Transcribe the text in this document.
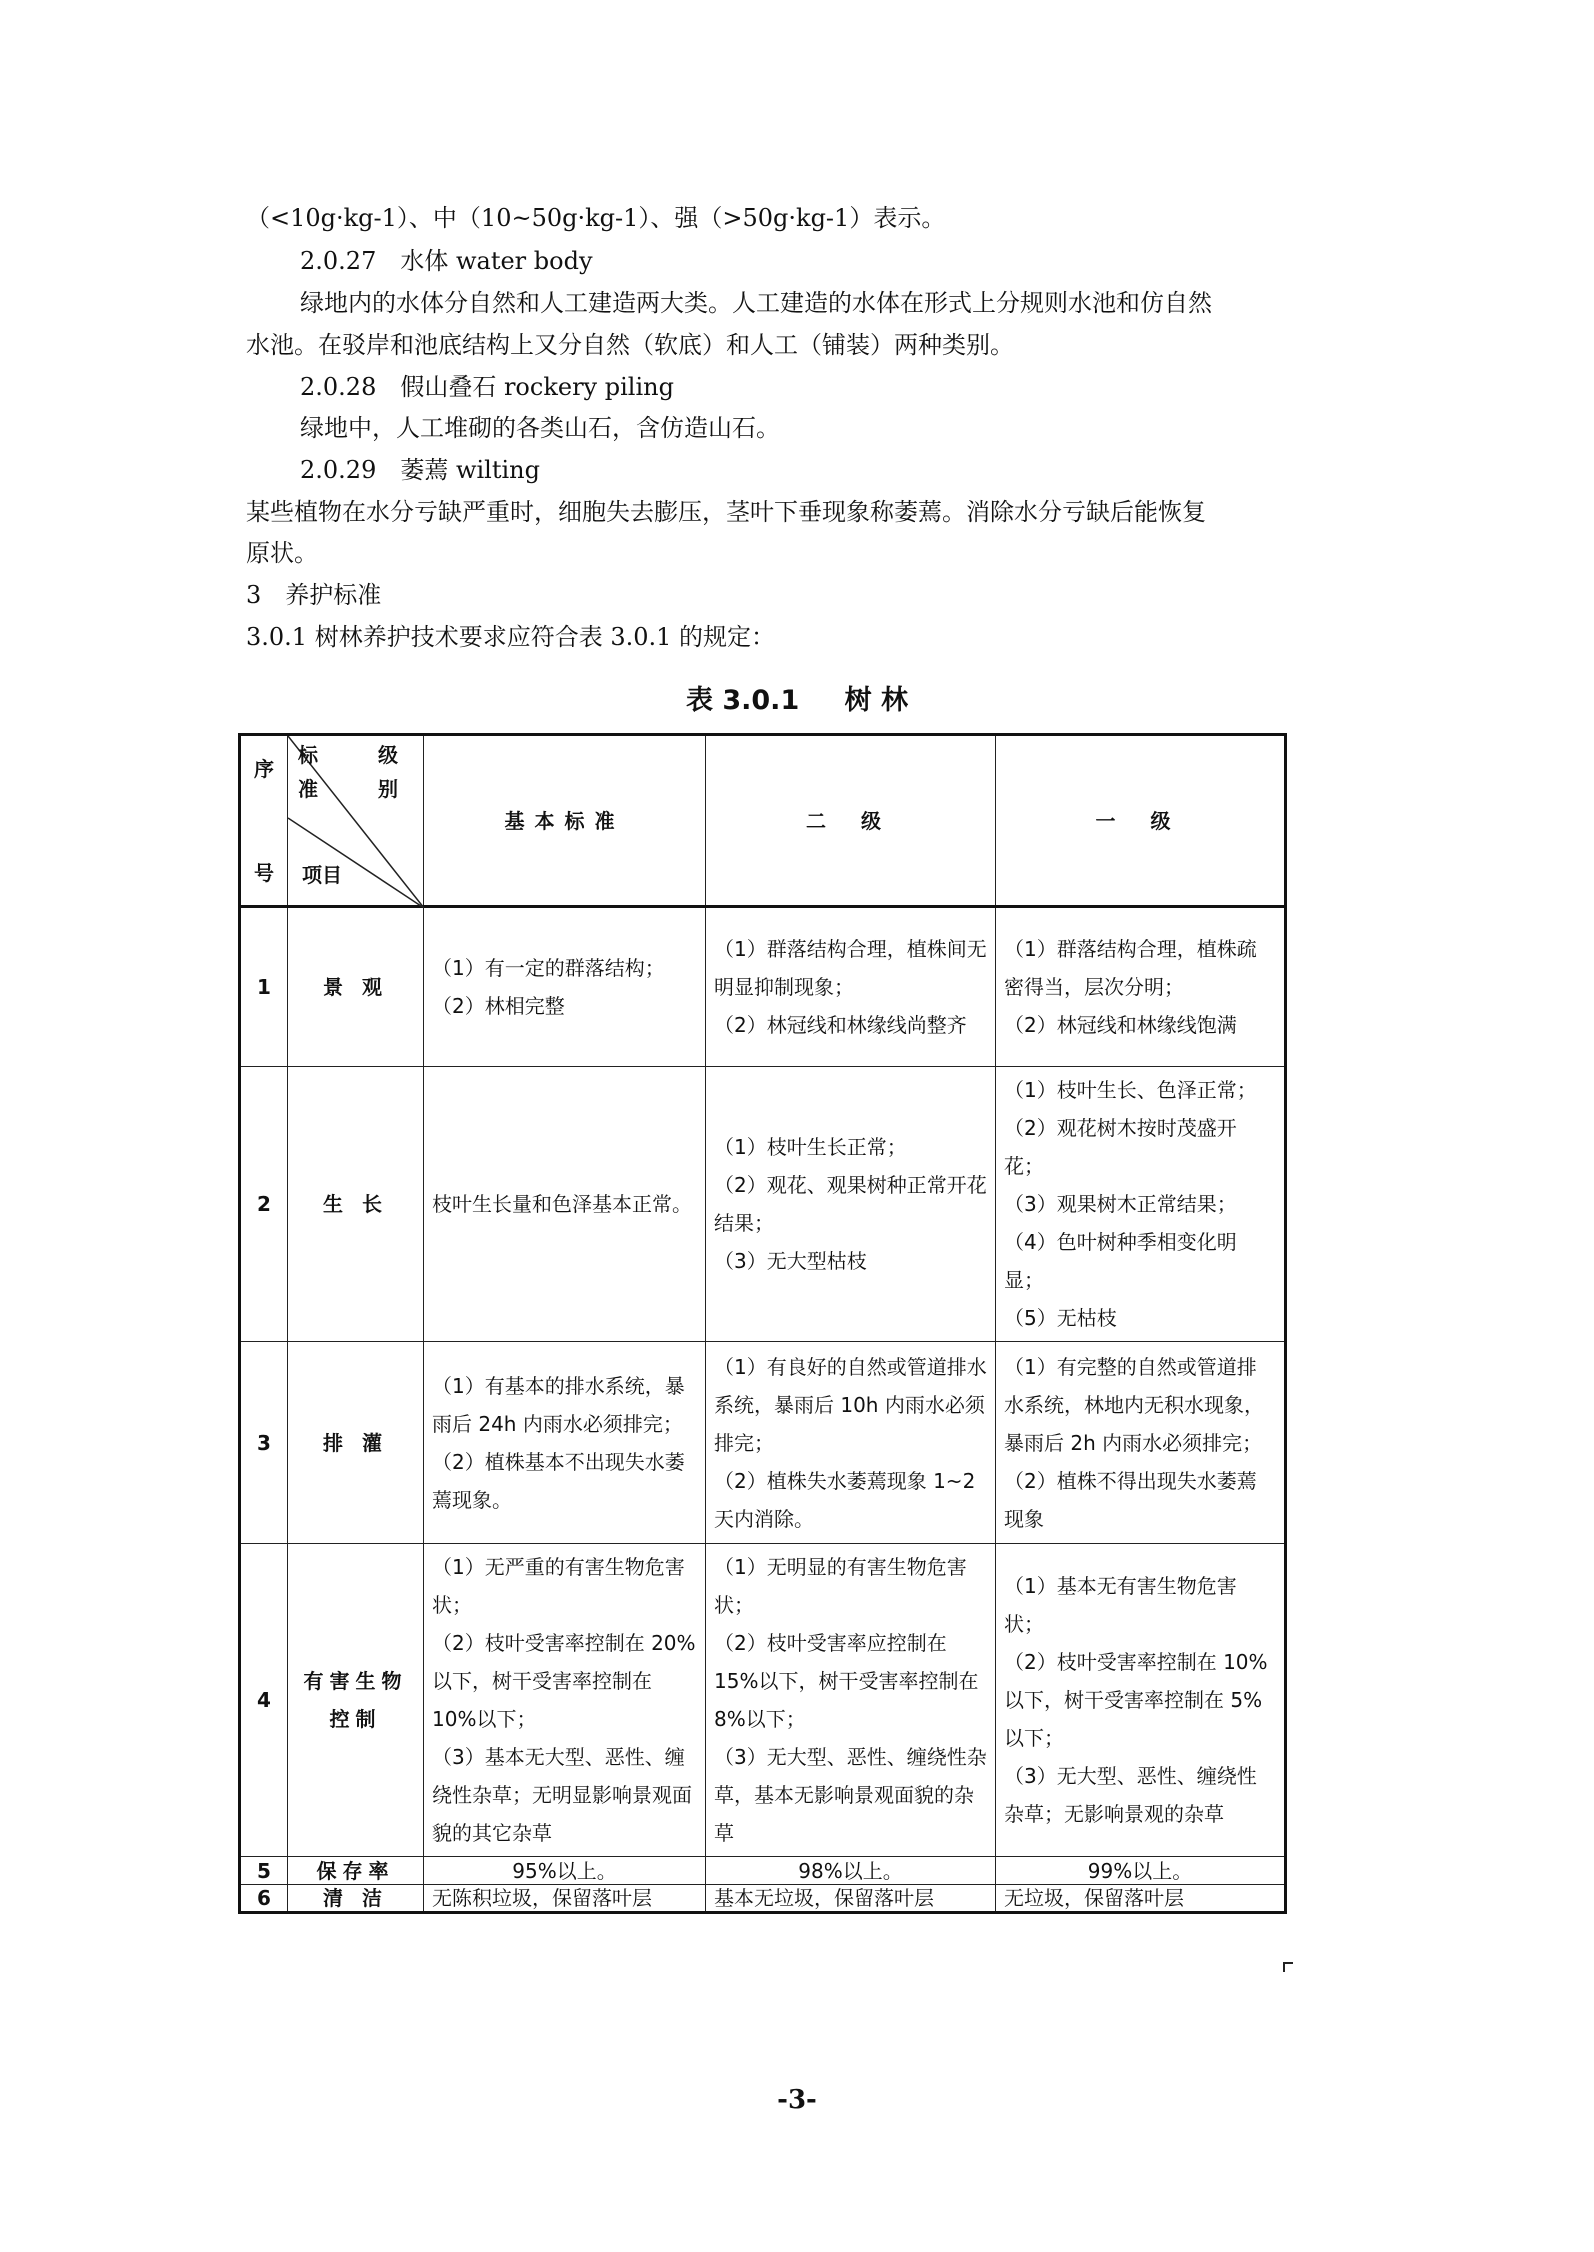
（<10g·kg-1）、中（10~50g·kg-1）、强（>50g·kg-1）表示。
2.0.27　水体 water body
绿地内的水体分自然和人工建造两大类。人工建造的水体在形式上分规则水池和仿自然
水池。在驳岸和池底结构上又分自然（软底）和人工（铺装）两种类别。
2.0.28　假山叠石 rockery piling
绿地中，人工堆砌的各类山石，含仿造山石。
2.0.29　萎蔫 wilting
某些植物在水分亏缺严重时，细胞失去膨压，茎叶下垂现象称萎蔫。消除水分亏缺后能恢复
原状。
3　养护标准
3.0.1 树林养护技术要求应符合表 3.0.1 的规定：
表 3.0.1 树 林
序

号	标 级
准 别
项目	基本标准	二 级	一 级
1	景 观	（1）有一定的群落结构；
（2）林相完整	（1）群落结构合理，植株间无明显抑制现象；
（2）林冠线和林缘线尚整齐	（1）群落结构合理，植株疏密得当，层次分明；
（2）林冠线和林缘线饱满

2	生 长	枝叶生长量和色泽基本正常。	（1）枝叶生长正常；
（2）观花、观果树种正常开花结果；
（3）无大型枯枝	（1）枝叶生长、色泽正常；
（2）观花树木按时茂盛开花；
（3）观果树木正常结果；
（4）色叶树种季相变化明显；
（5）无枯枝

3	排 灌	（1）有基本的排水系统，暴雨后 24h 内雨水必须排完；
（2）植株基本不出现失水萎蔫现象。	（1）有良好的自然或管道排水系统，暴雨后 10h 内雨水必须排完；
（2）植株失水萎蔫现象 1~2 天内消除。	（1）有完整的自然或管道排水系统，林地内无积水现象，暴雨后 2h 内雨水必须排完；
（2）植株不得出现失水萎蔫现象

4	有害生物控制	（1）无严重的有害生物危害状；
（2）枝叶受害率控制在 20%以下，树干受害率控制在 10%以下；
（3）基本无大型、恶性、缠绕性杂草；无明显影响景观面貌的其它杂草	（1）无明显的有害生物危害状；
（2）枝叶受害率应控制在 15%以下，树干受害率控制在 8%以下；
（3）无大型、恶性、缠绕性杂草，基本无影响景观面貌的杂草	（1）基本无有害生物危害状；
（2）枝叶受害率控制在 10%以下，树干受害率控制在 5%以下；
（3）无大型、恶性、缠绕性杂草；无影响景观的杂草

5	保存率	95%以上。	98%以上。	99%以上。

6	清 洁	无陈积垃圾，保留落叶层	基本无垃圾，保留落叶层	无垃圾，保留落叶层
-3-
